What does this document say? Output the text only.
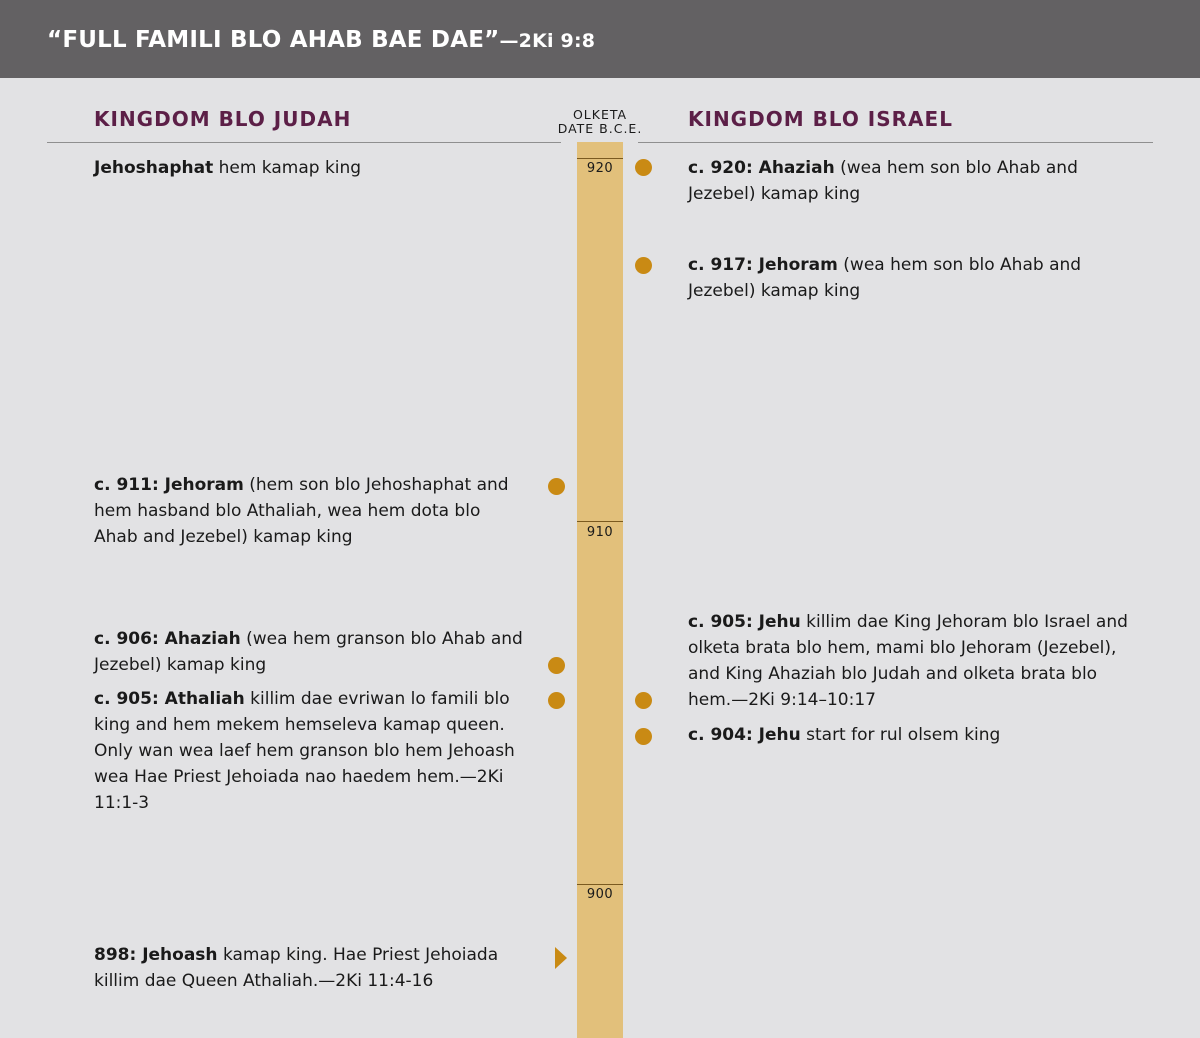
“FULL FAMILI BLO AHAB BAE DAE”—2Ki 9:8
KINGDOM BLO JUDAH	KINGDOM BLO ISRAEL
OLKETA
DATE B.C.E.
920
910
900
Jehoshaphat hem kamap king
c. 911: Jehoram (hem son blo Jehoshaphat and hem hasband blo Athaliah, wea hem dota blo Ahab and Jezebel) kamap king
c. 906: Ahaziah (wea hem granson blo Ahab and Jezebel) kamap king
c. 905: Athaliah killim dae evriwan lo famili blo king and hem mekem hemseleva kamap queen. Only wan wea laef hem granson blo hem Jehoash wea Hae Priest Jehoiada nao haedem hem.—2Ki 11:1-3
898: Jehoash kamap king. Hae Priest Jehoiada killim dae Queen Athaliah.—2Ki 11:4-16
c. 920: Ahaziah (wea hem son blo Ahab and Jezebel) kamap king
c. 917: Jehoram (wea hem son blo Ahab and Jezebel) kamap king
c. 905: Jehu killim dae King Jehoram blo Israel and olketa brata blo hem, mami blo Jehoram (Jezebel), and King Ahaziah blo Judah and olketa brata blo hem.—2Ki 9:14–10:17
c. 904: Jehu start for rul olsem king
